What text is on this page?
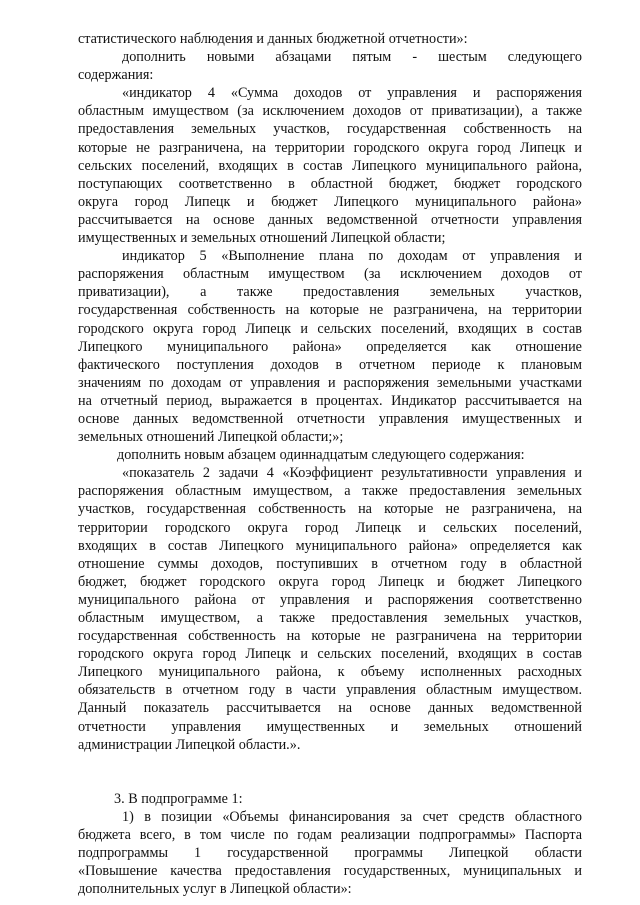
статистического наблюдения и данных бюджетной отчетности»:
дополнить новыми абзацами пятым - шестым следующего
содержания:
«индикатор 4 «Сумма доходов от управления и распоряжения
областным имуществом (за исключением доходов от приватизации), а также
предоставления земельных участков, государственная собственность на
которые не разграничена, на территории городского округа город Липецк и
сельских поселений, входящих в состав Липецкого муниципального района,
поступающих соответственно в областной бюджет, бюджет городского
округа город Липецк и бюджет Липецкого муниципального района»
рассчитывается на основе данных ведомственной отчетности управления
имущественных и земельных отношений Липецкой области;
индикатор 5 «Выполнение плана по доходам от управления и
распоряжения областным имуществом (за исключением доходов от
приватизации), а также предоставления земельных участков,
государственная собственность на которые не разграничена, на территории
городского округа город Липецк и сельских поселений, входящих в состав
Липецкого муниципального района» определяется как отношение
фактического поступления доходов в отчетном периоде к плановым
значениям по доходам от управления и распоряжения земельными участками
на отчетный период, выражается в процентах. Индикатор рассчитывается на
основе данных ведомственной отчетности управления имущественных и
земельных отношений Липецкой области;»;
дополнить новым абзацем одиннадцатым следующего содержания:
«показатель 2 задачи 4 «Коэффициент результативности управления и
распоряжения областным имуществом, а также предоставления земельных
участков, государственная собственность на которые не разграничена, на
территории городского округа город Липецк и сельских поселений,
входящих в состав Липецкого муниципального района» определяется как
отношение суммы доходов, поступивших в отчетном году в областной
бюджет, бюджет городского округа город Липецк и бюджет Липецкого
муниципального района от управления и распоряжения соответственно
областным имуществом, а также предоставления земельных участков,
государственная собственность на которые не разграничена на территории
городского округа город Липецк и сельских поселений, входящих в состав
Липецкого муниципального района, к объему исполненных расходных
обязательств в отчетном году в части управления областным имуществом.
Данный показатель рассчитывается на основе данных ведомственной
отчетности управления имущественных и земельных отношений
администрации Липецкой области.».
3. В подпрограмме 1:
1) в позиции «Объемы финансирования за счет средств областного
бюджета всего, в том числе по годам реализации подпрограммы» Паспорта
подпрограммы 1 государственной программы Липецкой области
«Повышение качества предоставления государственных, муниципальных и
дополнительных услуг в Липецкой области»:
